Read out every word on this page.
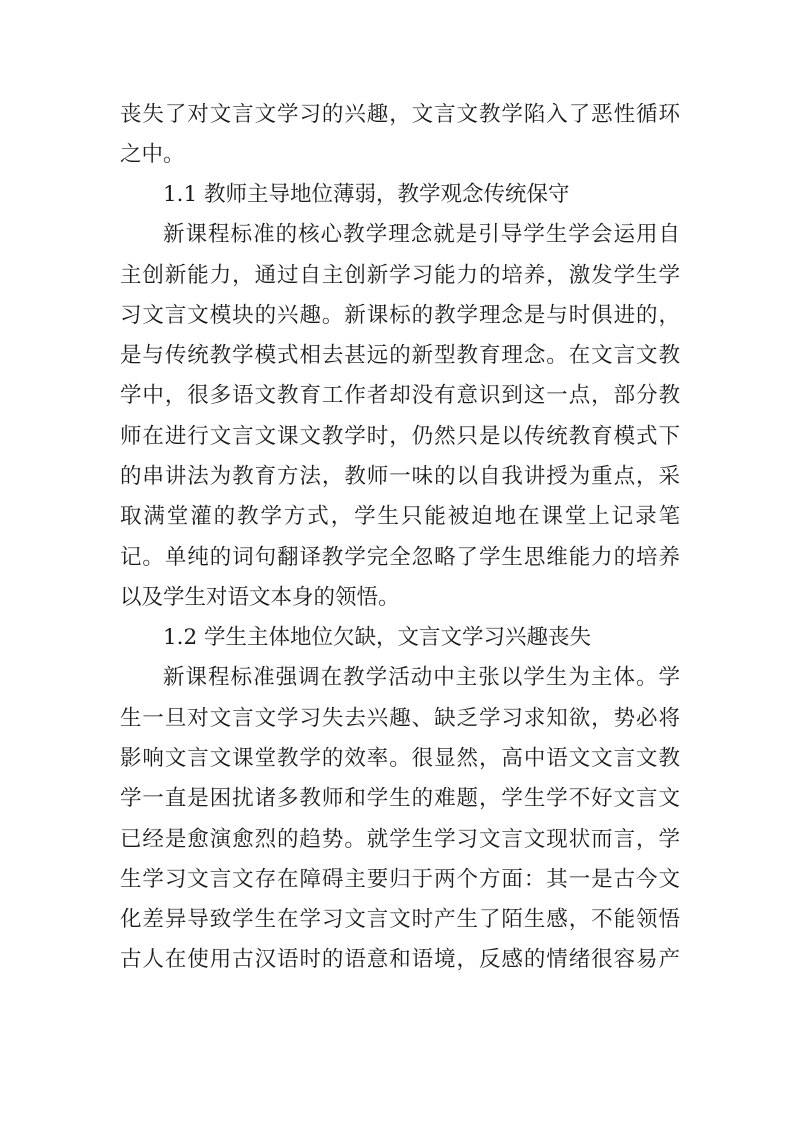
丧失了对文言文学习的兴趣，文言文教学陷入了恶性循环
之中。
1.1 教师主导地位薄弱，教学观念传统保守
新课程标准的核心教学理念就是引导学生学会运用自
主创新能力，通过自主创新学习能力的培养，激发学生学
习文言文模块的兴趣。新课标的教学理念是与时俱进的，
是与传统教学模式相去甚远的新型教育理念。在文言文教
学中，很多语文教育工作者却没有意识到这一点，部分教
师在进行文言文课文教学时，仍然只是以传统教育模式下
的串讲法为教育方法，教师一味的以自我讲授为重点，采
取满堂灌的教学方式，学生只能被迫地在课堂上记录笔
记。单纯的词句翻译教学完全忽略了学生思维能力的培养
以及学生对语文本身的领悟。
1.2 学生主体地位欠缺，文言文学习兴趣丧失
新课程标准强调在教学活动中主张以学生为主体。学
生一旦对文言文学习失去兴趣、缺乏学习求知欲，势必将
影响文言文课堂教学的效率。很显然，高中语文文言文教
学一直是困扰诸多教师和学生的难题，学生学不好文言文
已经是愈演愈烈的趋势。就学生学习文言文现状而言，学
生学习文言文存在障碍主要归于两个方面：其一是古今文
化差异导致学生在学习文言文时产生了陌生感，不能领悟
古人在使用古汉语时的语意和语境，反感的情绪很容易产
